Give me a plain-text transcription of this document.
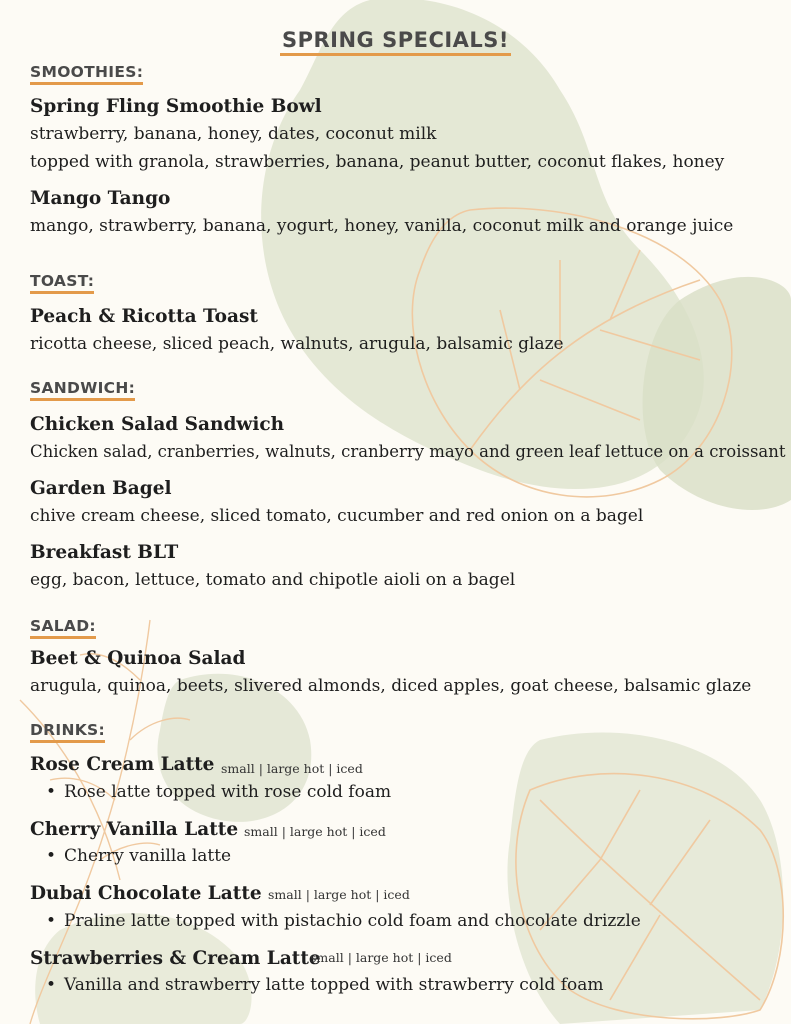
SPRING SPECIALS!
SMOOTHIES:
Spring Fling Smoothie Bowl
strawberry, banana, honey, dates, coconut milk
topped with granola, strawberries, banana, peanut butter, coconut flakes, honey
Mango Tango
mango, strawberry, banana, yogurt, honey, vanilla, coconut milk and orange juice
TOAST:
Peach & Ricotta Toast
ricotta cheese, sliced peach, walnuts, arugula, balsamic glaze
SANDWICH:
Chicken Salad Sandwich
Chicken salad, cranberries, walnuts, cranberry mayo and green leaf lettuce on a croissant
Garden Bagel
chive cream cheese, sliced tomato, cucumber and red onion on a bagel
Breakfast BLT
egg, bacon, lettuce, tomato and chipotle aioli on a bagel
SALAD:
Beet & Quinoa Salad
arugula, quinoa, beets, slivered almonds, diced apples, goat cheese, balsamic glaze
DRINKS:
Rose Cream Latte small | large hot | iced
Rose latte topped with rose cold foam
Cherry Vanilla Latte small | large hot | iced
Cherry vanilla latte
Dubai Chocolate Latte small | large hot | iced
Praline latte topped with pistachio cold foam and chocolate drizzle
Strawberries & Cream Latte
small | large hot | iced
Vanilla and strawberry latte topped with strawberry cold foam
